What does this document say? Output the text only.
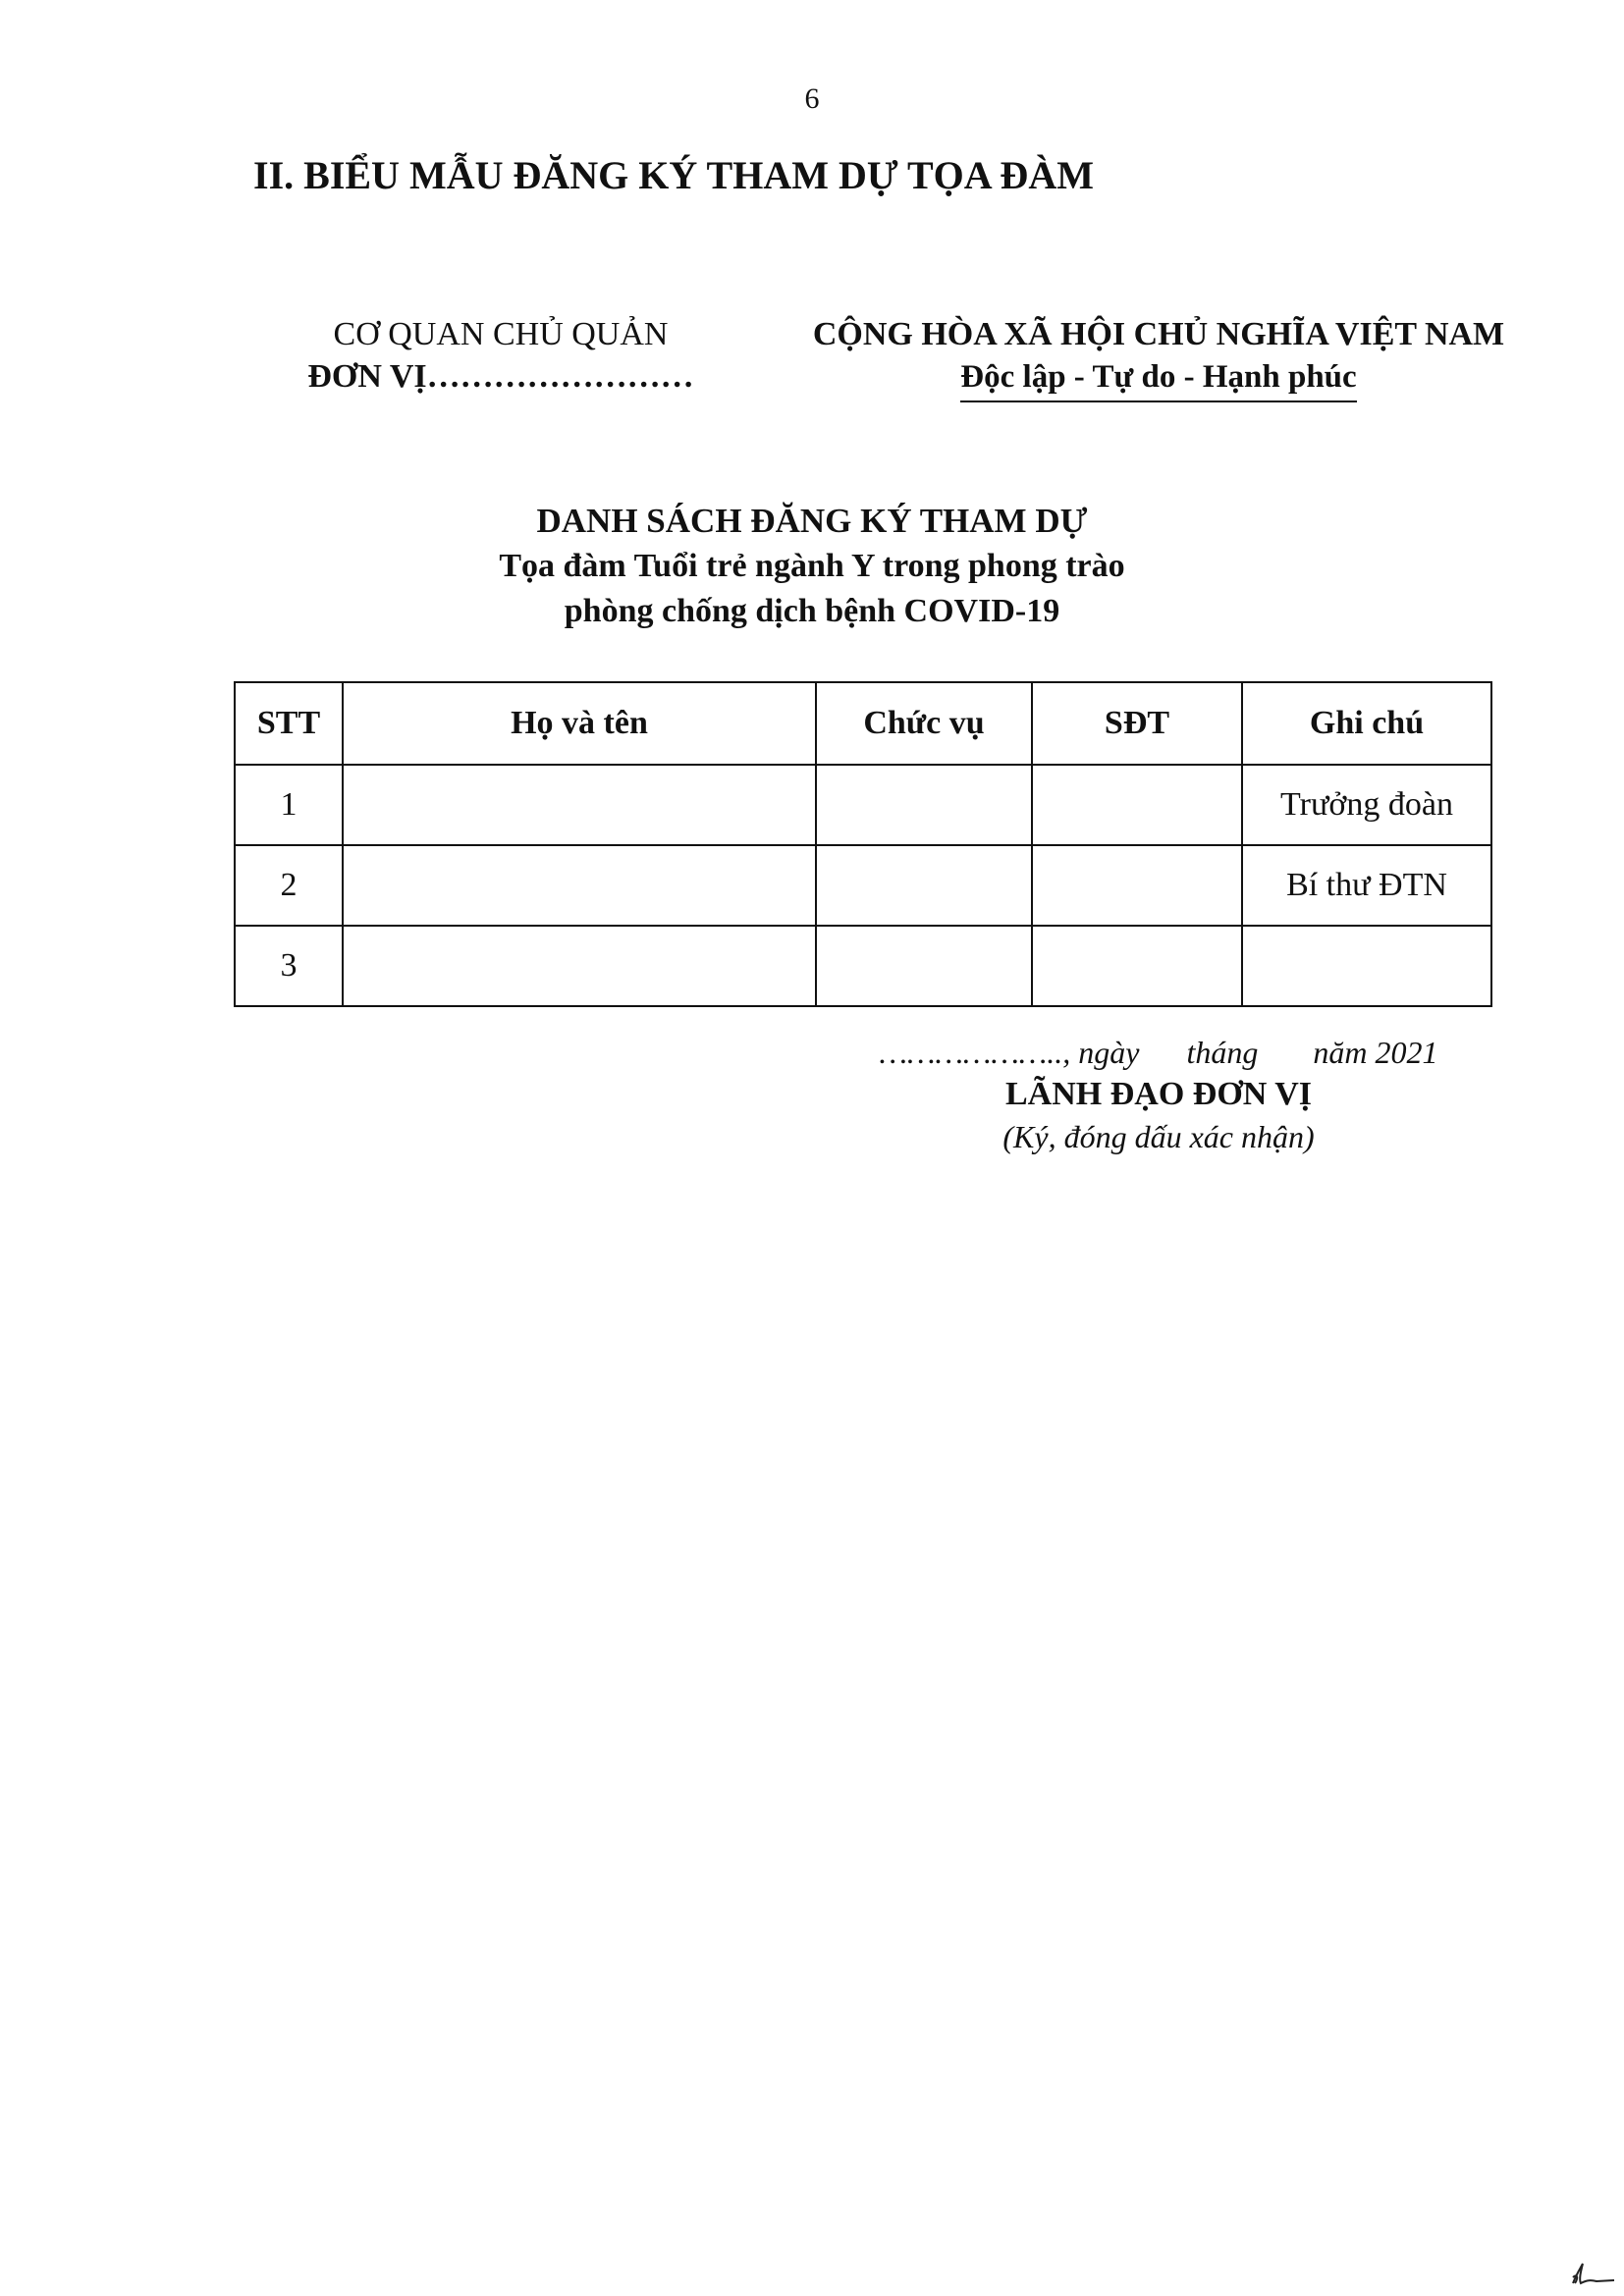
6
II. BIỂU MẪU ĐĂNG KÝ THAM DỰ TỌA ĐÀM
CƠ QUAN CHỦ QUẢN
ĐƠN VỊ……………………
CỘNG HÒA XÃ HỘI CHỦ NGHĨA VIỆT NAM
Độc lập - Tự do - Hạnh phúc
DANH SÁCH ĐĂNG KÝ THAM DỰ
Tọa đàm Tuổi trẻ ngành Y trong phong trào
phòng chống dịch bệnh COVID-19
STT	Họ và tên	Chức vụ	SĐT	Ghi chú
1				Trưởng đoàn
2				Bí thư ĐTN
3				
……………….., ngày      tháng       năm 2021
LÃNH ĐẠO ĐƠN VỊ
(Ký, đóng dấu xác nhận)
